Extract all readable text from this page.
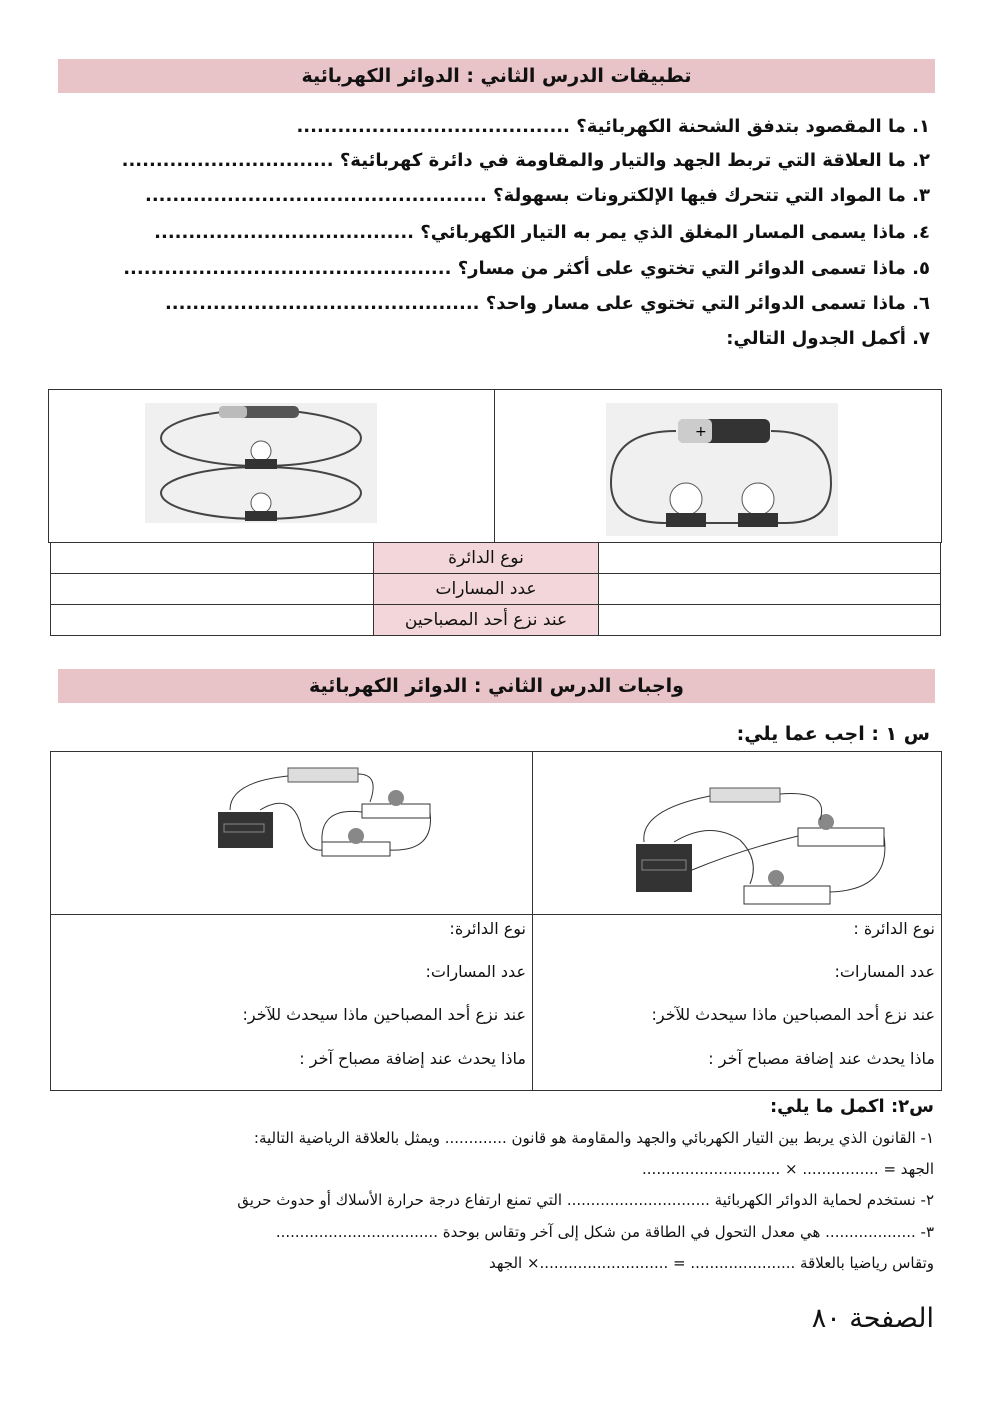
تطبيقات الدرس الثاني : الدوائر الكهربائية
١. ما المقصود بتدفق الشحنة الكهربائية؟ ........................................
٢. ما العلاقة التي تربط الجهد والتيار والمقاومة في دائرة كهربائية؟ ...............................
٣. ما المواد التي تتحرك فيها الإلكترونات بسهولة؟ ..................................................
٤. ماذا يسمى المسار المغلق الذي يمر به التيار الكهربائي؟ ......................................
٥. ماذا تسمى الدوائر التي تختوي على أكثر من مسار؟ ................................................
٦. ماذا تسمى الدوائر التي تختوي على مسار واحد؟ ..............................................
٧. أكمل الجدول التالي:
+
	نوع الدائرة	
	عدد المسارات	
	عند نزع أحد المصباحين	
واجبات الدرس الثاني : الدوائر الكهربائية
س ١ : اجب عما يلي:
نوع الدائرة :
عدد المسارات:
عند نزع أحد المصباحين ماذا سيحدث للآخر:
ماذا يحدث عند إضافة مصباح آخر :
نوع الدائرة:
عدد المسارات:
عند نزع أحد المصباحين ماذا سيحدث للآخر:
ماذا يحدث عند إضافة مصباح آخر :
س٢: اكمل ما يلي:
١- القانون الذي يربط بين التيار الكهربائي والجهد والمقاومة هو قانون ............. ويمثل بالعلاقة الرياضية التالية:
الجهد = ................ × .............................
٢- نستخدم لحماية الدوائر الكهربائية .............................. التي تمنع ارتفاع درجة حرارة الأسلاك أو حدوث حريق
٣- ................... هي معدل التحول في الطاقة من شكل إلى آخر وتقاس بوحدة ..................................
وتقاس رياضيا بالعلاقة ...................... = ...........................× الجهد
الصفحة ٨٠
